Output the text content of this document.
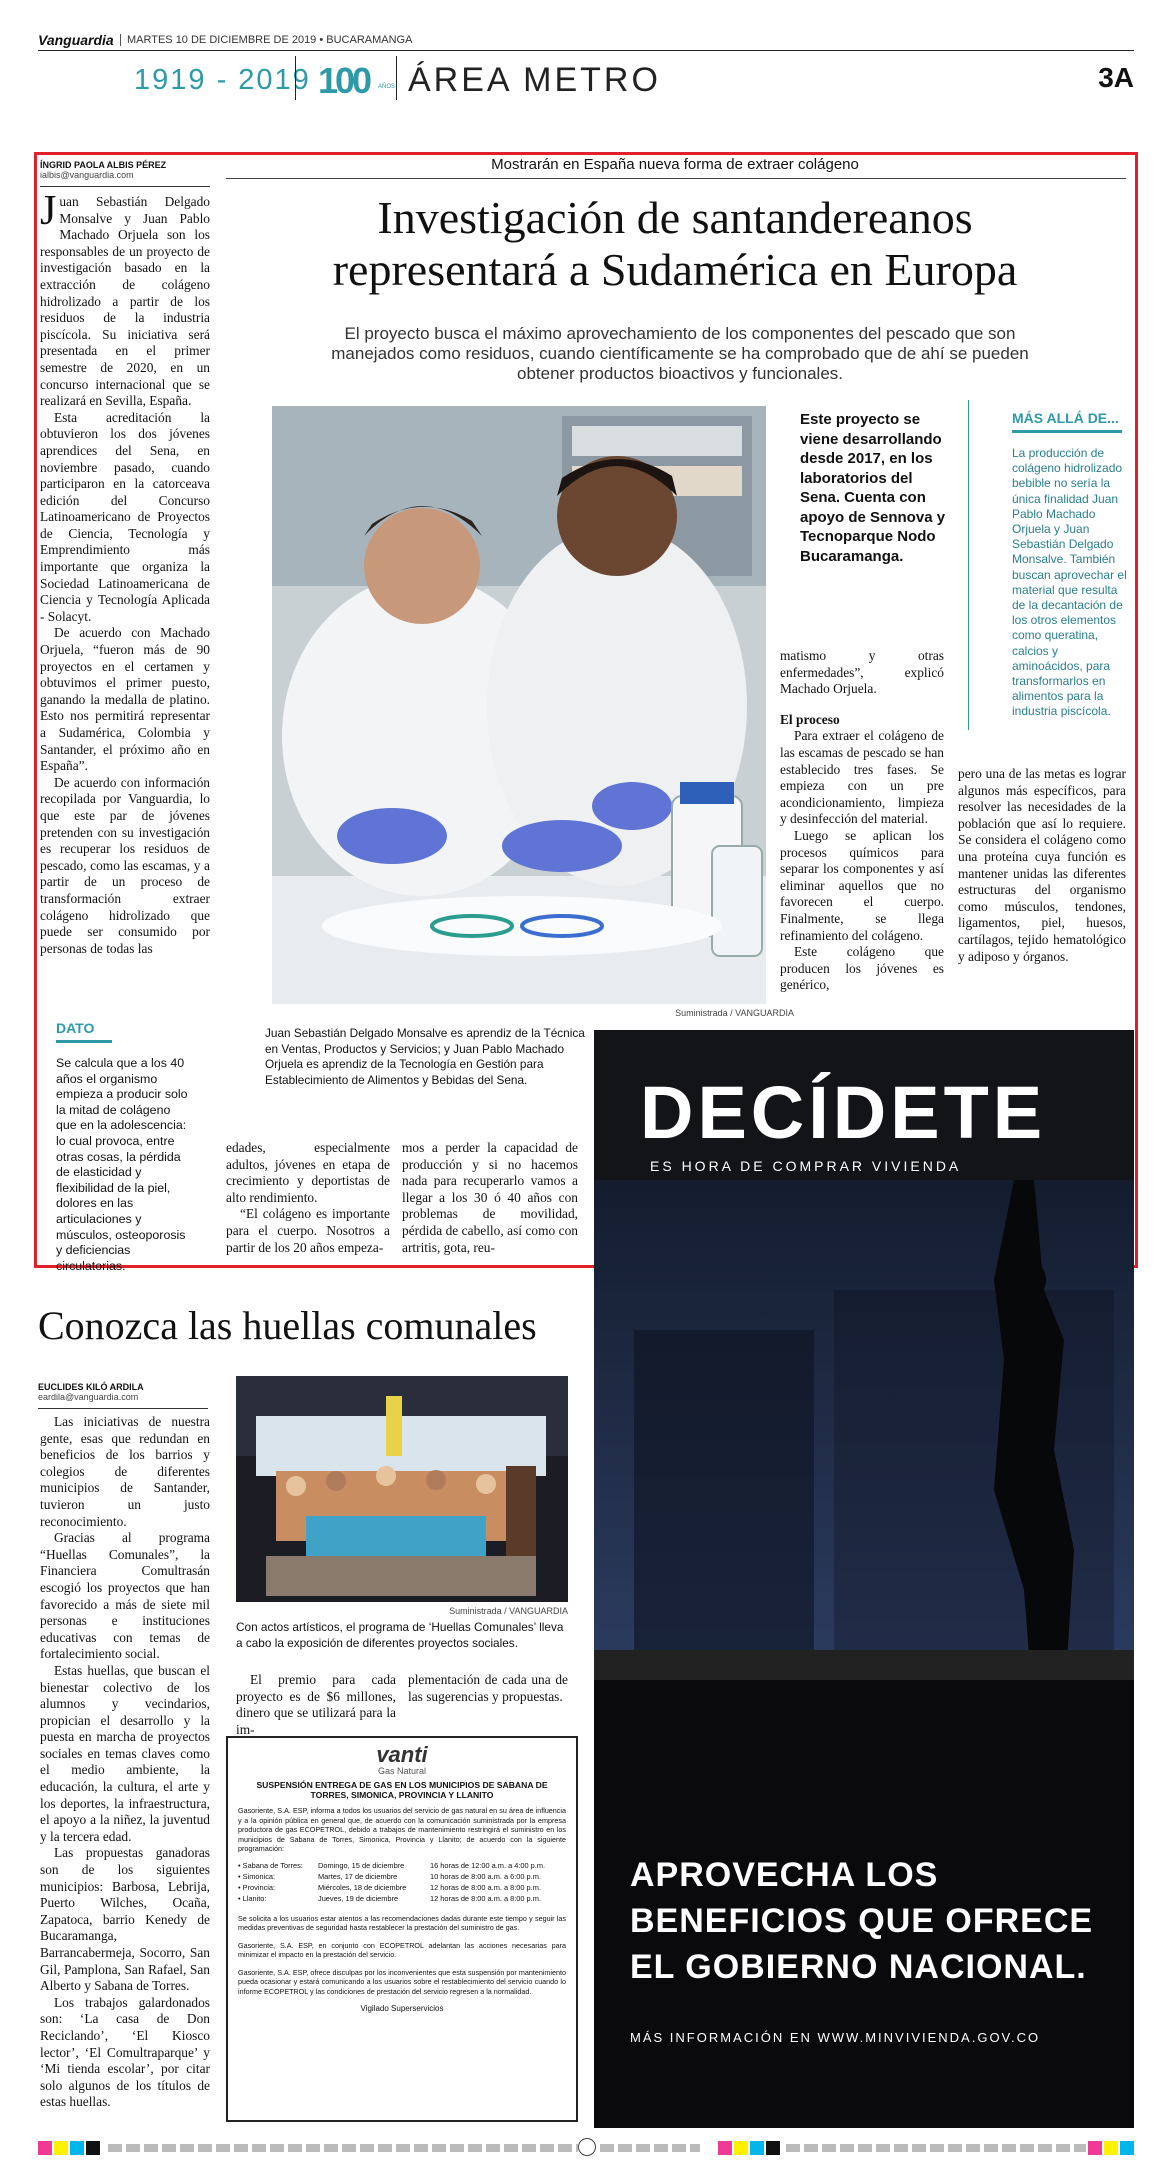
Vanguardia	MARTES 10 DE DICIEMBRE DE 2019 • BUCARAMANGA
1919 - 2019 100 AÑOS ÁREA METRO	3A
ÍNGRID PAOLA ALBIS PÉREZ
ialbis@vanguardia.com
Mostrarán en España nueva forma de extraer colágeno
Investigación de santandereanos
representará a Sudamérica en Europa
El proyecto busca el máximo aprovechamiento de los componentes del pescado que son manejados como residuos, cuando científicamente se ha comprobado que de ahí se pueden obtener productos bioactivos y funcionales.

Juan Sebastián Delgado Monsalve y Juan Pablo Machado Orjuela son los responsables de un proyecto de investigación basado en la extracción de colágeno hidrolizado a partir de los residuos de la industria piscícola. Su iniciativa será presentada en el primer semestre de 2020, en un concurso internacional que se realizará en Sevilla, España.

Esta acreditación la obtuvieron los dos jóvenes aprendices del Sena, en noviembre pasado, cuando participaron en la catorceava edición del Concurso Latinoamericano de Proyectos de Ciencia, Tecnología y Emprendimiento más importante que organiza la Sociedad Latinoamericana de Ciencia y Tecnología Aplicada - Solacyt.

De acuerdo con Machado Orjuela, “fueron más de 90 proyectos en el certamen y obtuvimos el primer puesto, ganando la medalla de platino. Esto nos permitirá representar a Sudamérica, Colombia y Santander, el próximo año en España”.

De acuerdo con información recopilada por Vanguardia, lo que este par de jóvenes pretenden con su investigación es recuperar los residuos de pescado, como las escamas, y a partir de un proceso de transformación extraer colágeno hidrolizado que puede ser consumido por personas de todas las

Este proyecto se viene desarrollando desde 2017, en los laboratorios del Sena. Cuenta con apoyo de Sennova y Tecnoparque Nodo Bucaramanga.
MÁS ALLÁ DE...
La producción de colágeno hidrolizado bebible no sería la única finalidad Juan Pablo Machado Orjuela y Juan Sebastián Delgado Monsalve. También buscan aprovechar el material que resulta de la decantación de los otros elementos como queratina, calcios y aminoácidos, para transformarlos en alimentos para la industria piscícola.

matismo y otras enfermedades”, explicó Machado Orjuela.

El proceso

Para extraer el colágeno de las escamas de pescado se han establecido tres fases. Se empieza con un pre acondicionamiento, limpieza y desinfección del material.

Luego se aplican los procesos químicos para separar los componentes y así eliminar aquellos que no favorecen el cuerpo. Finalmente, se llega refinamiento del colágeno.

Este colágeno que producen los jóvenes es genérico,

pero una de las metas es lograr algunos más específicos, para resolver las necesidades de la población que así lo requiere. Se considera el colágeno como una proteína cuya función es mantener unidas las diferentes estructuras del organismo como músculos, tendones, ligamentos, piel, huesos, cartílagos, tejido hematológico y adiposo y órganos.

Suministrada / VANGUARDIA
Juan Sebastián Delgado Monsalve es aprendiz de la Técnica en Ventas, Productos y Servicios; y Juan Pablo Machado Orjuela es aprendiz de la Tecnología en Gestión para Establecimiento de Alimentos y Bebidas del Sena.
DATO
Se calcula que a los 40 años el organismo empieza a producir solo la mitad de colágeno que en la adolescencia: lo cual provoca, entre otras cosas, la pérdida de elasticidad y flexibilidad de la piel, dolores en las articulaciones y músculos, osteoporosis y deficiencias circulatorias.

edades, especialmente adultos, jóvenes en etapa de crecimiento y deportistas de alto rendimiento.

“El colágeno es importante para el cuerpo. Nosotros a partir de los 20 años empeza-

mos a perder la capacidad de producción y si no hacemos nada para recuperarlo vamos a llegar a los 30 ó 40 años con problemas de movilidad, pérdida de cabello, así como con artritis, gota, reu-

DECÍDETE
ES HORA DE COMPRAR VIVIENDA
APROVECHA LOS
BENEFICIOS QUE OFRECE
EL GOBIERNO NACIONAL.
MÁS INFORMACIÓN EN WWW.MINVIVIENDA.GOV.CO
Conozca las huellas comunales
EUCLIDES KILÓ ARDILA
eardila@vanguardia.com

Las iniciativas de nuestra gente, esas que redundan en beneficios de los barrios y colegios de diferentes municipios de Santander, tuvieron un justo reconocimiento.

Gracias al programa “Huellas Comunales”, la Financiera Comultrasán escogió los proyectos que han favorecido a más de siete mil personas e instituciones educativas con temas de fortalecimiento social.

Estas huellas, que buscan el bienestar colectivo de los alumnos y vecindarios, propician el desarrollo y la puesta en marcha de proyectos sociales en temas claves como el medio ambiente, la educación, la cultura, el arte y los deportes, la infraestructura, el apoyo a la niñez, la juventud y la tercera edad.

Las propuestas ganadoras son de los siguientes municipios: Barbosa, Lebrija, Puerto Wilches, Ocaña, Zapatoca, barrio Kenedy de Bucaramanga, Barrancabermeja, Socorro, San Gil, Pamplona, San Rafael, San Alberto y Sabana de Torres.

Los trabajos galardonados son: ‘La casa de Don Reciclando’, ‘El Kiosco lector’, ‘El Comultraparque’ y ‘Mi tienda escolar’, por citar solo algunos de los títulos de estas huellas.

Suministrada / VANGUARDIA
Con actos artísticos, el programa de ‘Huellas Comunales’ lleva a cabo la exposición de diferentes proyectos sociales.

El premio para cada proyecto es de $6 millones, dinero que se utilizará para la im-

plementación de cada una de las sugerencias y propuestas.

vanti
Gas Natural
SUSPENSIÓN ENTREGA DE GAS EN LOS MUNICIPIOS DE SABANA DE TORRES, SIMONICA, PROVINCIA Y LLANITO
Gasoriente, S.A. ESP, informa a todos los usuarios del servicio de gas natural en su área de influencia y a la opinión pública en general que, de acuerdo con la comunicación suministrada por la empresa productora de gas ECOPETROL, debido a trabajos de mantenimiento restringirá el suministro en los municipios de Sabana de Torres, Simonica, Provincia y Llanito; de acuerdo con la siguiente programación:
• Sabana de Torres:	Domingo, 15 de diciembre	16 horas de 12:00 a.m. a 4:00 p.m.
• Simonica:	Martes, 17 de diciembre	10 horas de 8:00 a.m. a 6:00 p.m.
• Provincia:	Miércoles, 18 de diciembre	12 horas de 8:00 a.m. a 8:00 p.m.
• Llanito:	Jueves, 19 de diciembre	12 horas de 8:00 a.m. a 8:00 p.m.
Se solicita a los usuarios estar atentos a las recomendaciones dadas durante este tiempo y seguir las medidas preventivas de seguridad hasta restablecer la prestación del suministro de gas.
Gasoriente, S.A. ESP, en conjunto con ECOPETROL adelantan las acciones necesarias para minimizar el impacto en la prestación del servicio.
Gasoriente, S.A. ESP, ofrece disculpas por los inconvenientes que esta suspensión por mantenimiento pueda ocasionar y estará comunicando a los usuarios sobre el restablecimiento del servicio cuando lo informe ECOPETROL y las condiciones de prestación del servicio regresen a la normalidad.
Vigilado Superservicios
